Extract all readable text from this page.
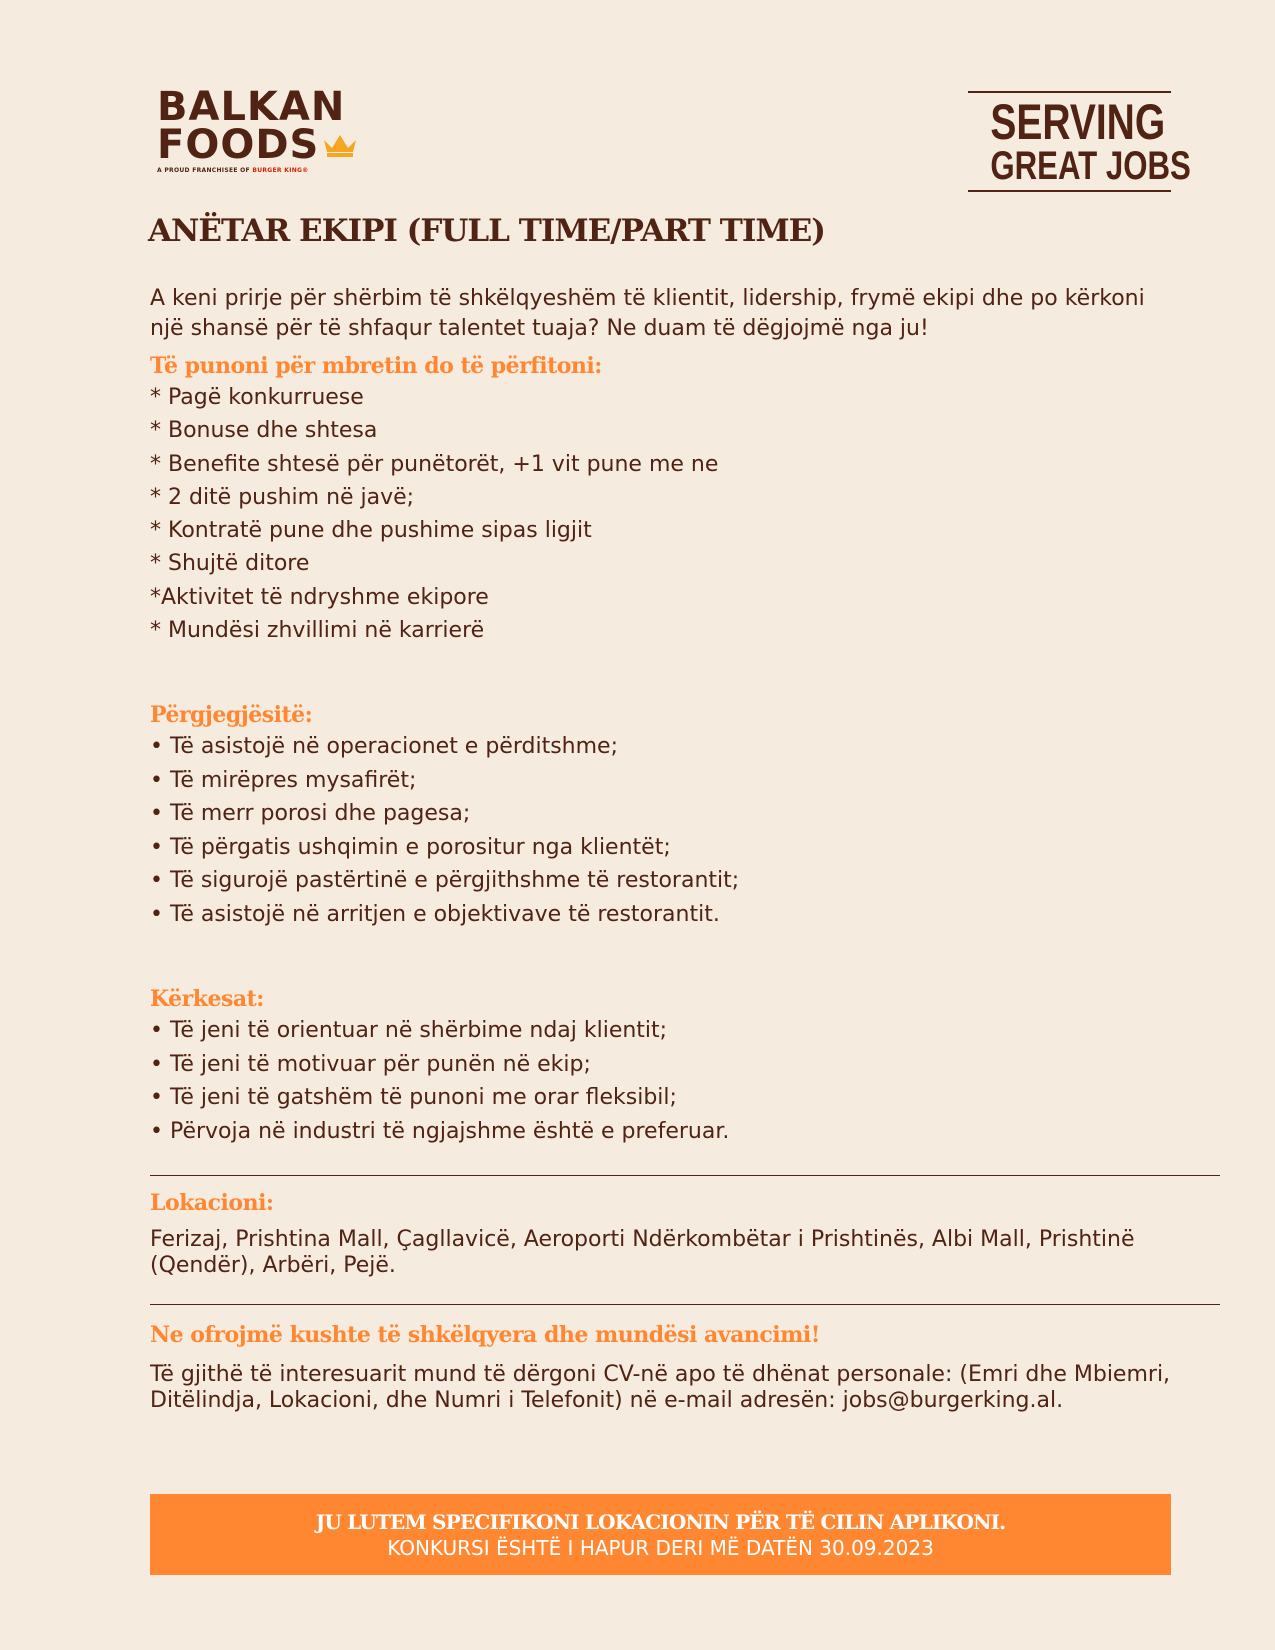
BALKAN
FOODS
A PROUD FRANCHISEE OF BURGER KING®
SERVING
GREAT JOBS
ANËTAR EKIPI (FULL TIME/PART TIME)

A keni prirje për shërbim të shkëlqyeshëm të klientit, lidership, frymë ekipi dhe po kërkoni një shansë për të shfaqur talentet tuaja? Ne duam të dëgjojmë nga ju!

Të punoni për mbretin do të përfitoni:
* Pagë konkurruese
* Bonuse dhe shtesa
* Benefite shtesë për punëtorët, +1 vit pune me ne
* 2 ditë pushim në javë;
* Kontratë pune dhe pushime sipas ligjit
* Shujtë ditore
*Aktivitet të ndryshme ekipore
* Mundësi zhvillimi në karrierë
Përgjegjësitë:
• Të asistojë në operacionet e përditshme;
• Të mirëpres mysafirët;
• Të merr porosi dhe pagesa;
• Të përgatis ushqimin e porositur nga klientët;
• Të sigurojë pastërtinë e përgjithshme të restorantit;
• Të asistojë në arritjen e objektivave të restorantit.
Kërkesat:
• Të jeni të orientuar në shërbime ndaj klientit;
• Të jeni të motivuar për punën në ekip;
• Të jeni të gatshëm të punoni me orar fleksibil;
• Përvoja në industri të ngjajshme është e preferuar.
Lokacioni:

Ferizaj, Prishtina Mall, Çagllavicë, Aeroporti Ndërkombëtar i Prishtinës, Albi Mall, Prishtinë (Qendër), Arbëri, Pejë.

Ne ofrojmë kushte të shkëlqyera dhe mundësi avancimi!

Të gjithë të interesuarit mund të dërgoni CV-në apo të dhënat personale: (Emri dhe Mbiemri, Ditëlindja, Lokacioni, dhe Numri i Telefonit) në e-mail adresën: jobs@burgerking.al.

JU LUTEM SPECIFIKONI LOKACIONIN PËR TË CILIN APLIKONI.
KONKURSI ËSHTË I HAPUR DERI MË DATËN 30.09.2023
